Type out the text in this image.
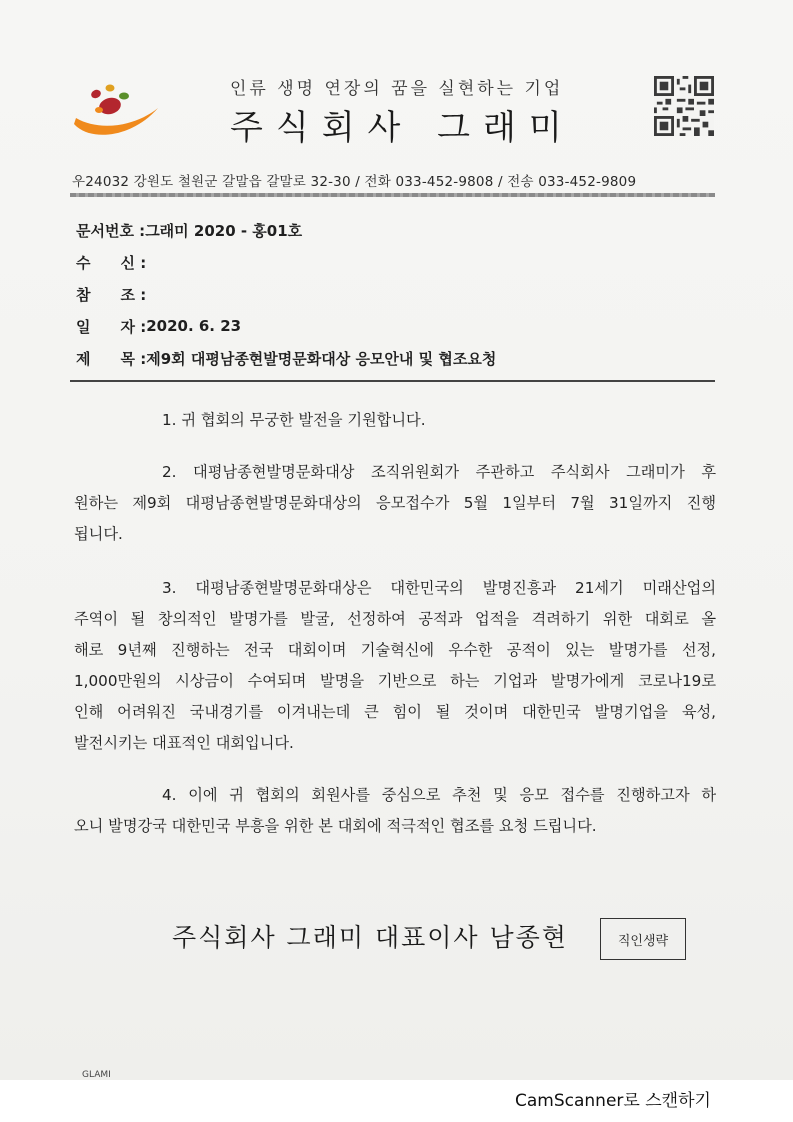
인류 생명 연장의 꿈을 실현하는 기업
주식회사 그래미
우24032 강원도 철원군 갈말읍 갈말로 32-30 / 전화 033-452-9808 / 전송 033-452-9809
문서번호 : 그래미 2020 - 홍01호
수　　신 :
참　　조 :
일　　자 : 2020. 6. 23
제　　목 : 제9회 대평남종현발명문화대상 응모안내 및 협조요청
1. 귀 협회의 무궁한 발전을 기원합니다.
2. 대평남종현발명문화대상 조직위원회가 주관하고 주식회사 그래미가 후
원하는 제9회 대평남종현발명문화대상의 응모접수가 5월 1일부터 7월 31일까지 진행
됩니다.
3. 대평남종현발명문화대상은 대한민국의 발명진흥과 21세기 미래산업의
주역이 될 창의적인 발명가를 발굴, 선정하여 공적과 업적을 격려하기 위한 대회로 올
해로 9년째 진행하는 전국 대회이며 기술혁신에 우수한 공적이 있는 발명가를 선정,
1,000만원의 시상금이 수여되며 발명을 기반으로 하는 기업과 발명가에게 코로나19로
인해 어려워진 국내경기를 이겨내는데 큰 힘이 될 것이며 대한민국 발명기업을 육성,
발전시키는 대표적인 대회입니다.
4. 이에 귀 협회의 회원사를 중심으로 추천 및 응모 접수를 진행하고자 하
오니 발명강국 대한민국 부흥을 위한 본 대회에 적극적인 협조를 요청 드립니다.
주식회사 그래미 대표이사 남종현	직인생략
GLAMI
CamScanner로 스캔하기
